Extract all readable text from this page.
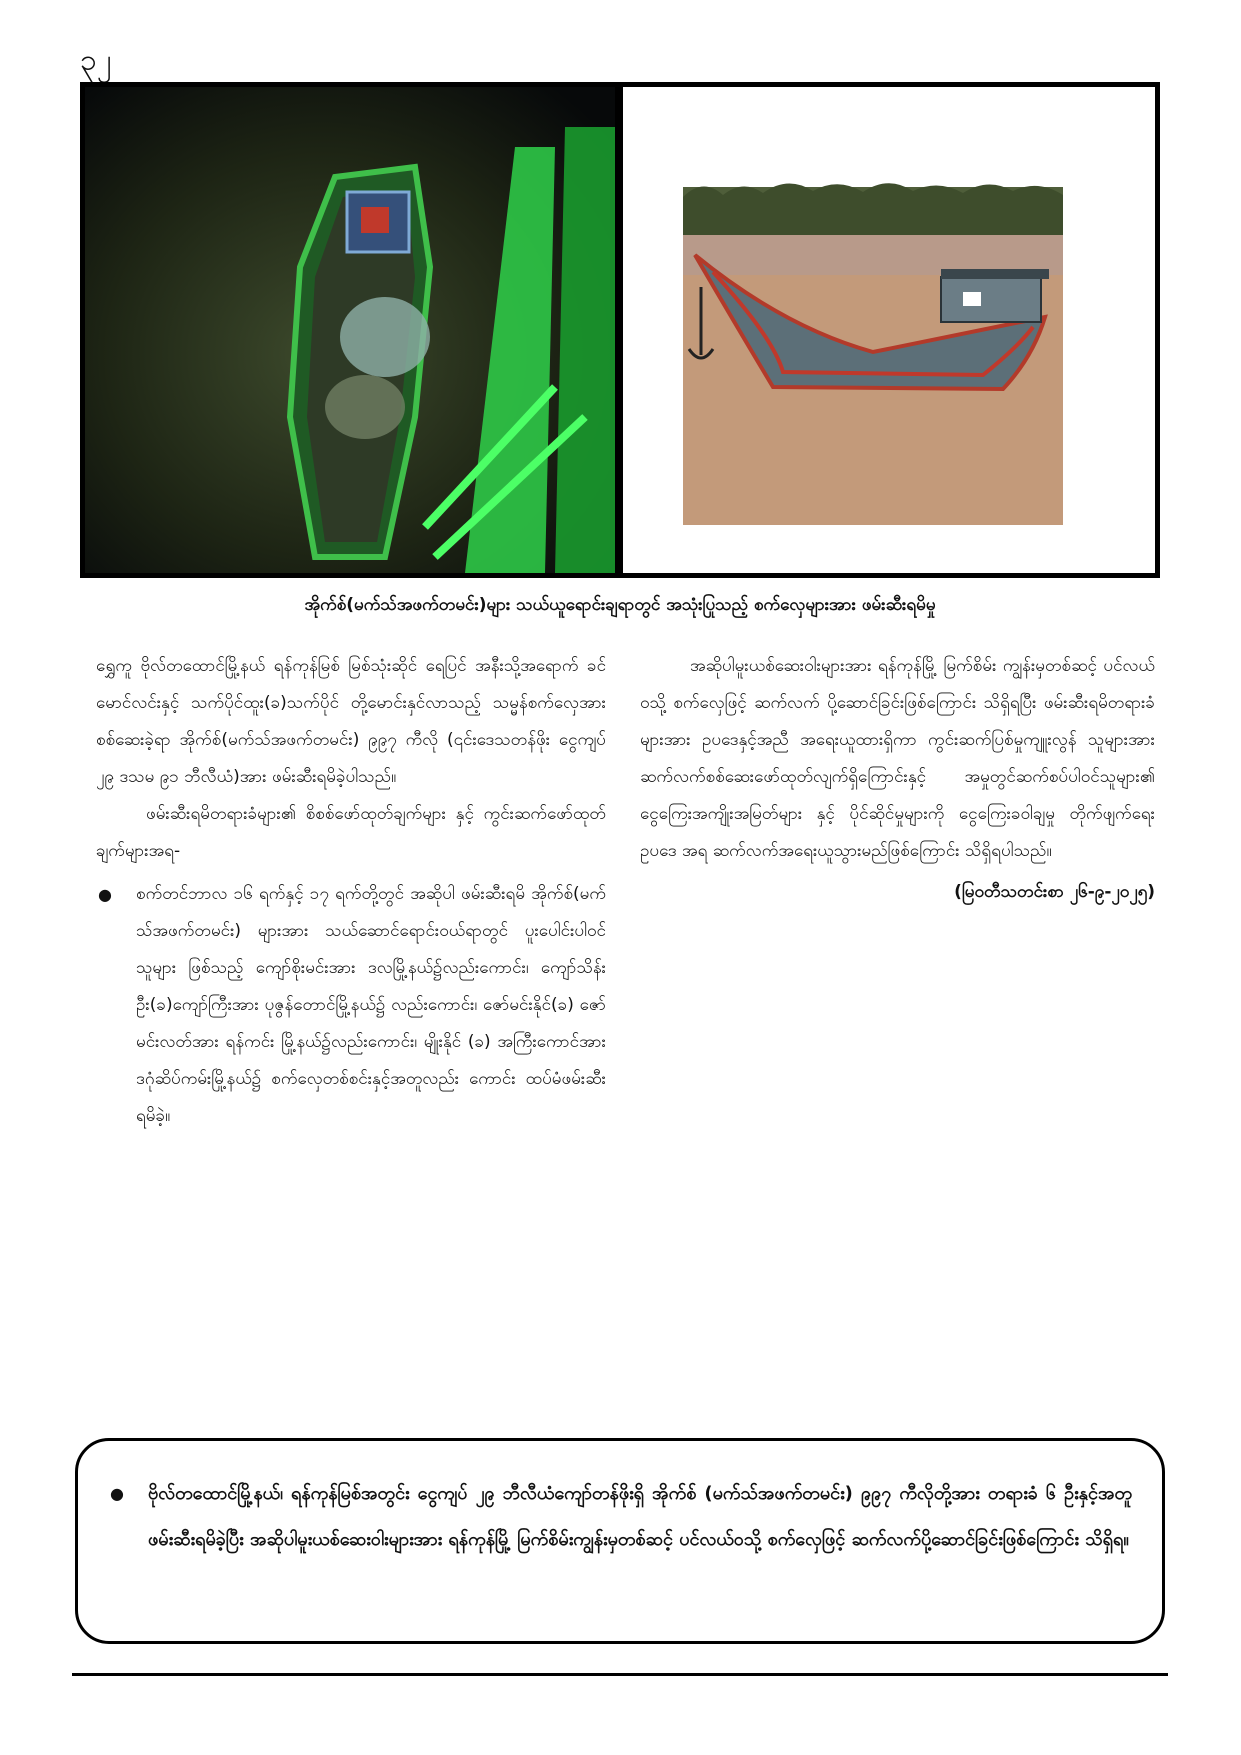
၃၂
အိုက်စ်(မက်သ်အဖက်တမင်း)များ သယ်ယူရောင်းချရာတွင် အသုံးပြုသည့် စက်လှေများအား ဖမ်းဆီးရမိမှု

ရွှေကူ ဗိုလ်တထောင်မြို့နယ် ရန်ကုန်မြစ် မြစ်သုံးဆိုင် ရေပြင် အနီးသို့အရောက် ခင်မောင်လင်းနှင့် သက်ပိုင်ထူး(ခ)သက်ပိုင် တို့မောင်းနှင်လာသည့် သမ္မန်စက်လှေအား စစ်ဆေးခဲ့ရာ အိုက်စ်(မက်သ်အဖက်တမင်း) ၉၉၇ ကီလို (၎င်းဒေသတန်ဖိုး ငွေကျပ် ၂၉ ဒသမ ၉၁ ဘီလီယံ)အား ဖမ်းဆီးရမိခဲ့ပါသည်။

ဖမ်းဆီးရမိတရားခံများ၏ စိစစ်ဖော်ထုတ်ချက်များ နှင့် ကွင်းဆက်ဖော်ထုတ်ချက်များအရ-

● စက်တင်ဘာလ ၁၆ ရက်နှင့် ၁၇ ရက်တို့တွင် အဆိုပါ ဖမ်းဆီးရမိ အိုက်စ်(မက်သ်အဖက်တမင်း) များအား သယ်ဆောင်ရောင်းဝယ်ရာတွင် ပူးပေါင်းပါဝင်သူများ ဖြစ်သည့် ကျော်စိုးမင်းအား ဒလမြို့နယ်၌လည်းကောင်း၊ ကျော်သိန်းဦး(ခ)ကျော်ကြီးအား ပုဇွန်တောင်မြို့နယ်၌ လည်းကောင်း၊ ဇော်မင်းနိုင်(ခ) ဇော်မင်းလတ်အား ရန်ကင်း မြို့နယ်၌လည်းကောင်း၊ မျိုးနိုင် (ခ) အကြီးကောင်အား ဒဂုံဆိပ်ကမ်းမြို့နယ်၌ စက်လှေတစ်စင်းနှင့်အတူလည်း ကောင်း ထပ်မံဖမ်းဆီးရမိခဲ့။

အဆိုပါမူးယစ်ဆေးဝါးများအား ရန်ကုန်မြို့ မြက်စိမ်း ကျွန်းမှတစ်ဆင့် ပင်လယ်ဝသို့ စက်လှေဖြင့် ဆက်လက် ပို့ဆောင်ခြင်းဖြစ်ကြောင်း သိရှိရပြီး ဖမ်းဆီးရမိတရားခံများအား ဥပဒေနှင့်အညီ အရေးယူထားရှိကာ ကွင်းဆက်ပြစ်မှုကျူးလွန် သူများအား ဆက်လက်စစ်ဆေးဖော်ထုတ်လျက်ရှိကြောင်းနှင့် အမှုတွင်ဆက်စပ်ပါဝင်သူများ၏ ငွေကြေးအကျိုးအမြတ်များ နှင့် ပိုင်ဆိုင်မှုများကို ငွေကြေးခဝါချမှု တိုက်ဖျက်ရေးဥပဒေ အရ ဆက်လက်အရေးယူသွားမည်ဖြစ်ကြောင်း သိရှိရပါသည်။

(မြဝတီသတင်းစာ ၂၆-၉-၂၀၂၅)

● ဗိုလ်တထောင်မြို့နယ်၊ ရန်ကုန်မြစ်အတွင်း ငွေကျပ် ၂၉ ဘီလီယံကျော်တန်ဖိုးရှိ အိုက်စ် (မက်သ်အဖက်တမင်း) ၉၉၇ ကီလိုတို့အား တရားခံ ၆ ဦးနှင့်အတူ ဖမ်းဆီးရမိခဲ့ပြီး အဆိုပါမူးယစ်ဆေးဝါးများအား ရန်ကုန်မြို့ မြက်စိမ်းကျွန်းမှတစ်ဆင့် ပင်လယ်ဝသို့ စက်လှေဖြင့် ဆက်လက်ပို့ဆောင်ခြင်းဖြစ်ကြောင်း သိရှိရ။
